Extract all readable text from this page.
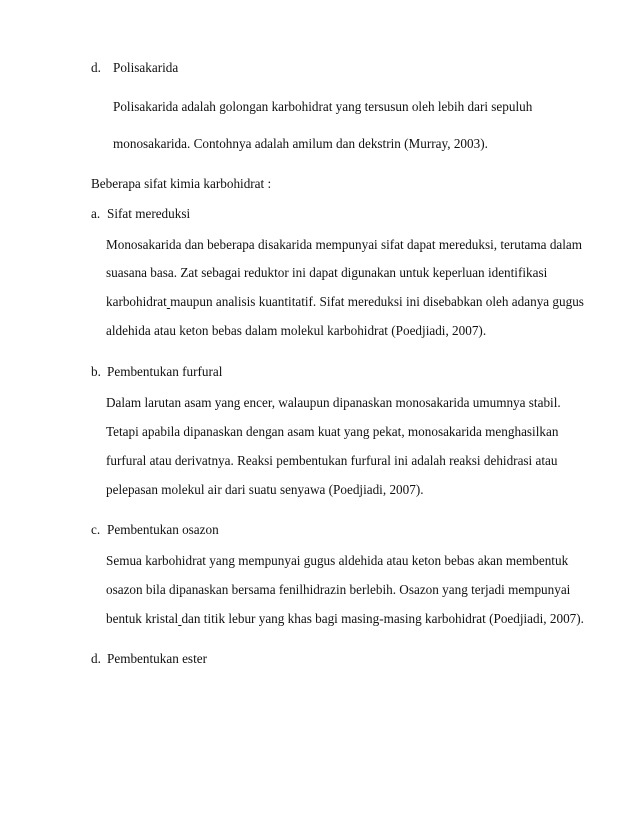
d. Polisakarida
Polisakarida adalah golongan karbohidrat yang tersusun oleh lebih dari sepuluh
monosakarida. Contohnya adalah amilum dan dekstrin (Murray, 2003).
Beberapa sifat kimia karbohidrat :
a. Sifat mereduksi
Monosakarida dan beberapa disakarida mempunyai sifat dapat mereduksi, terutama dalam
suasana basa. Zat sebagai reduktor ini dapat digunakan untuk keperluan identifikasi
karbohidrat maupun analisis kuantitatif. Sifat mereduksi ini disebabkan oleh adanya gugus
aldehida atau keton bebas dalam molekul karbohidrat (Poedjiadi, 2007).
b. Pembentukan furfural
Dalam larutan asam yang encer, walaupun dipanaskan monosakarida umumnya stabil.
Tetapi apabila dipanaskan dengan asam kuat yang pekat, monosakarida menghasilkan
furfural atau derivatnya. Reaksi pembentukan furfural ini adalah reaksi dehidrasi atau
pelepasan molekul air dari suatu senyawa (Poedjiadi, 2007).
c. Pembentukan osazon
Semua karbohidrat yang mempunyai gugus aldehida atau keton bebas akan membentuk
osazon bila dipanaskan bersama fenilhidrazin berlebih. Osazon yang terjadi mempunyai
bentuk kristal dan titik lebur yang khas bagi masing-masing karbohidrat (Poedjiadi, 2007).
d. Pembentukan ester
